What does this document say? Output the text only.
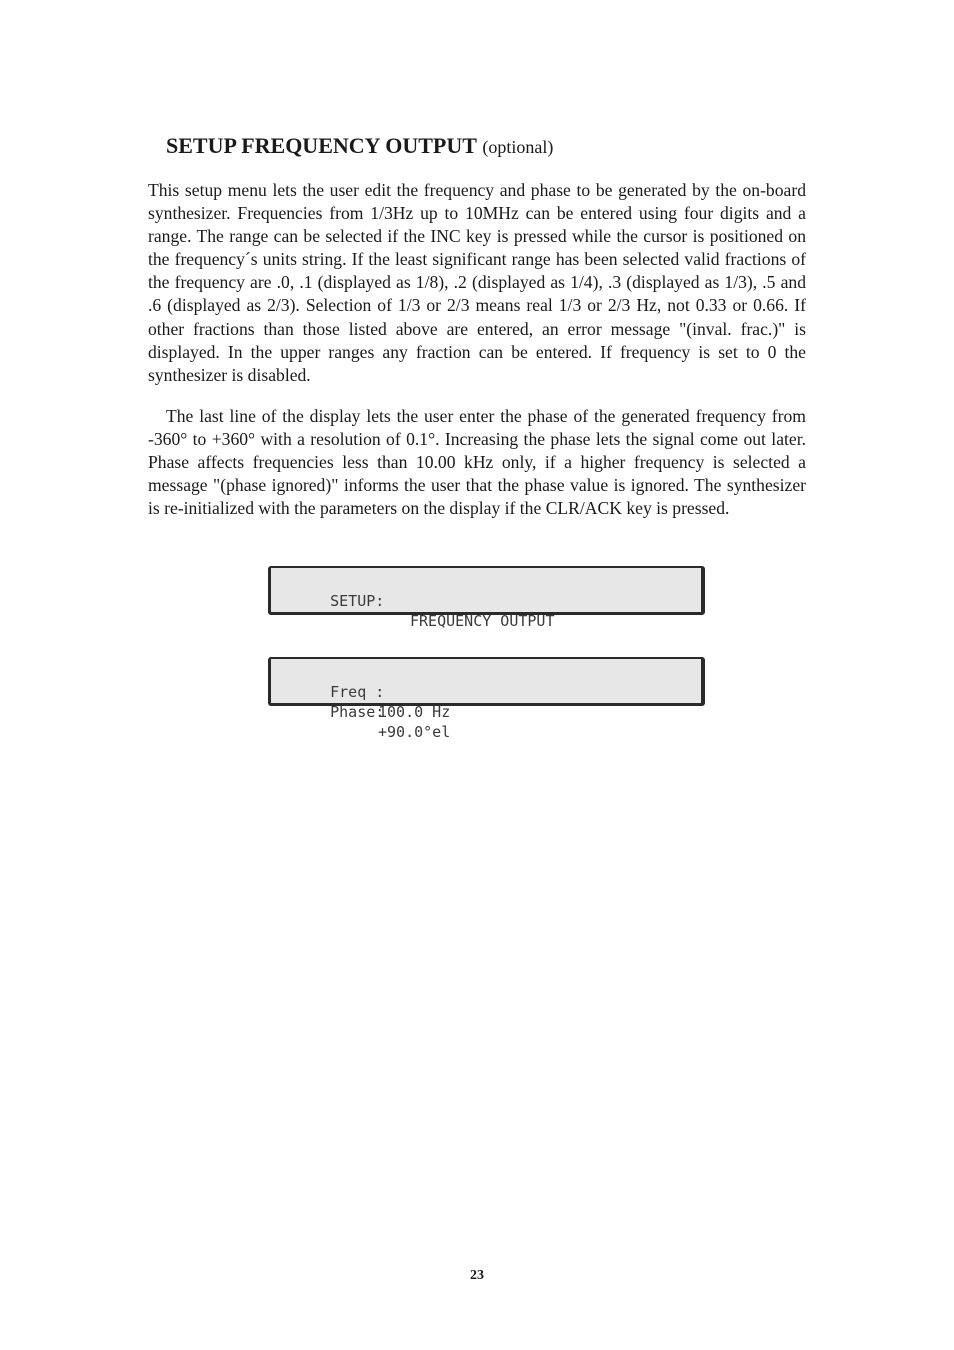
SETUP FREQUENCY OUTPUT (optional)

This setup menu lets the user edit the frequency and phase to be generated by the on-board synthesizer. Frequencies from 1/3Hz up to 10MHz can be entered using four digits and a range. The range can be selected if the INC key is pressed while the cursor is positioned on the frequency´s units string. If the least significant range has been selected valid fractions of the frequency are .0, .1 (displayed as 1/8), .2 (displayed as 1/4), .3 (displayed as 1/3), .5 and .6 (displayed as 2/3). Selection of 1/3 or 2/3 means real 1/3 or 2/3 Hz, not 0.33 or 0.66. If other fractions than those listed above are entered, an error message "(inval. frac.)" is displayed. In the upper ranges any fraction can be entered. If frequency is set to 0 the synthesizer is disabled.

The last line of the display lets the user enter the phase of the generated frequency from -360° to +360° with a resolution of 0.1°. Increasing the phase lets the signal come out later. Phase affects frequencies less than 10.00 kHz only, if a higher frequency is selected a message "(phase ignored)" informs the user that the phase value is ignored. The synthesizer is re-initialized with the parameters on the display if the CLR/ACK key is pressed.

SETUP:

FREQUENCY OUTPUT

Freq :

100.0 Hz

Phase:

+90.0°el

23
